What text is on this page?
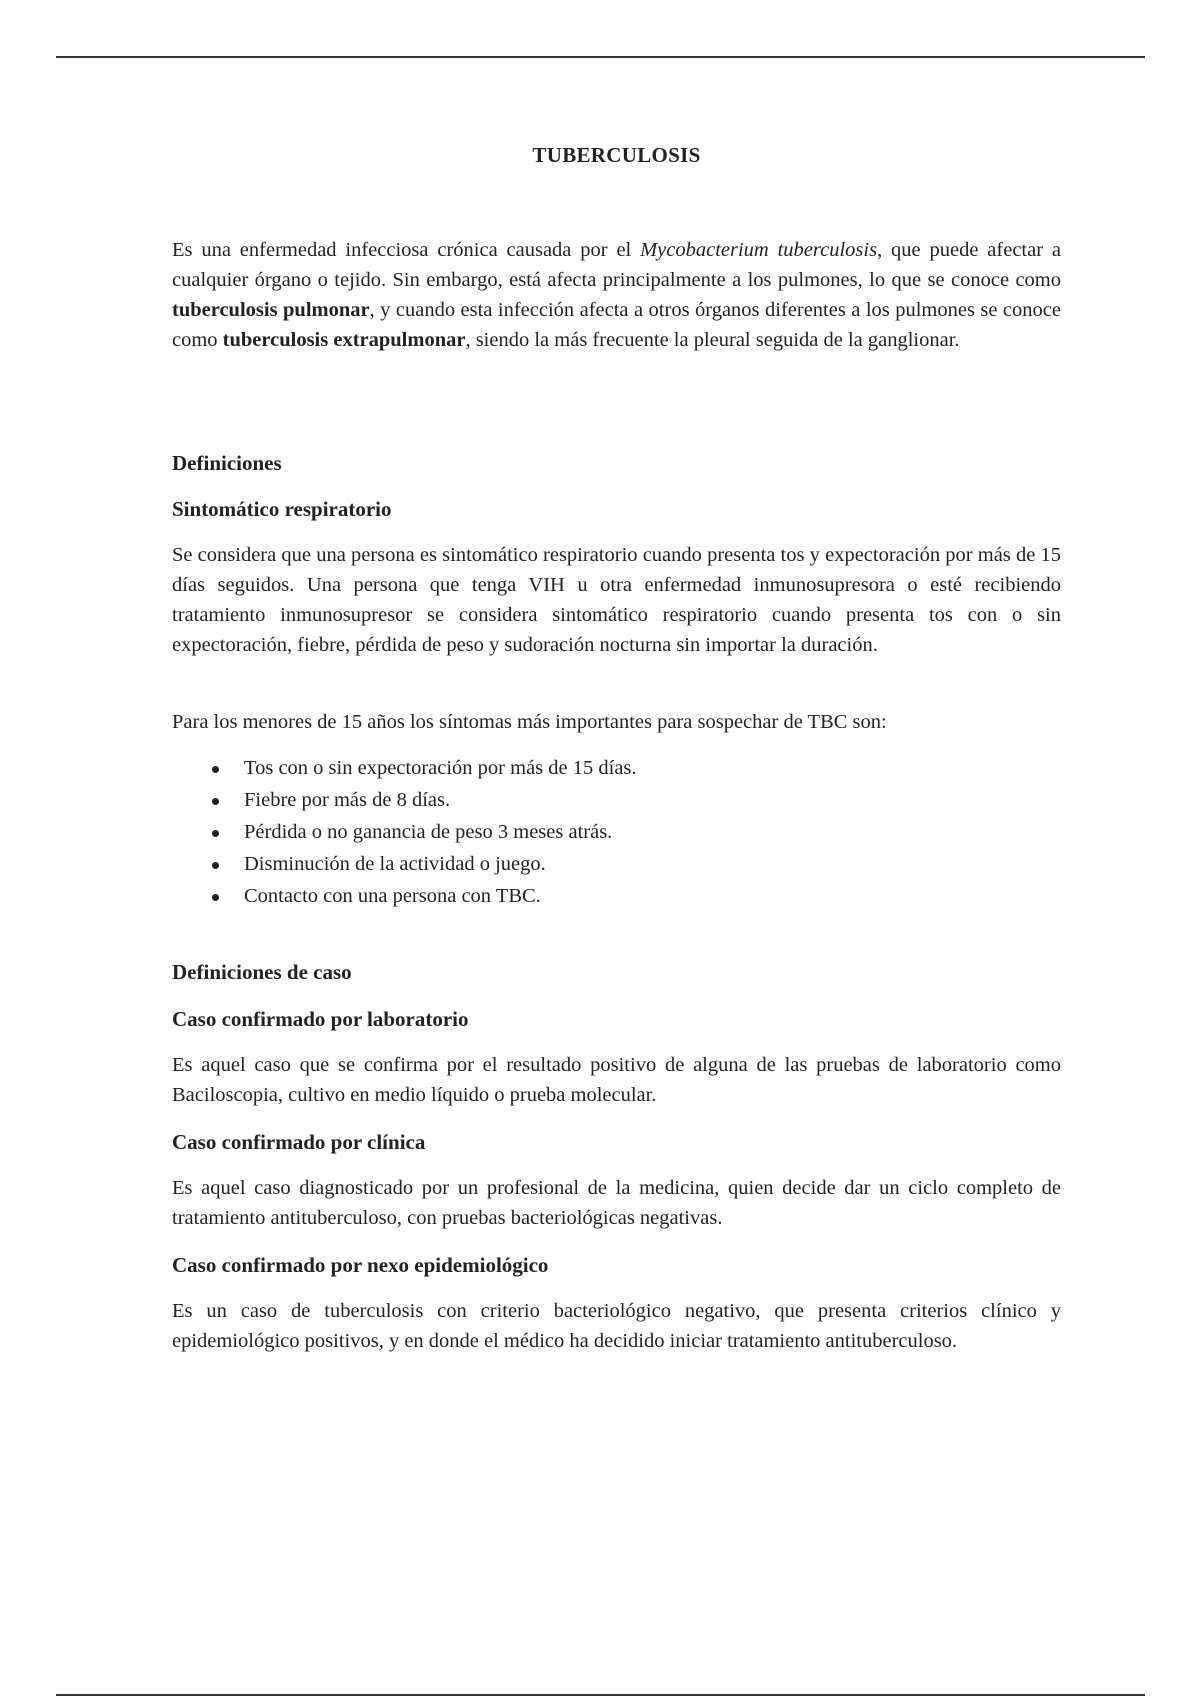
TUBERCULOSIS

Es una enfermedad infecciosa crónica causada por el Mycobacterium tuberculosis, que puede afectar a cualquier órgano o tejido. Sin embargo, está afecta principalmente a los pulmones, lo que se conoce como tuberculosis pulmonar, y cuando esta infección afecta a otros órganos diferentes a los pulmones se conoce como tuberculosis extrapulmonar, siendo la más frecuente la pleural seguida de la ganglionar.

Definiciones
Sintomático respiratorio

Se considera que una persona es sintomático respiratorio cuando presenta tos y expectoración por más de 15 días seguidos. Una persona que tenga VIH u otra enfermedad inmunosupresora o esté recibiendo tratamiento inmunosupresor se considera sintomático respiratorio cuando presenta tos con o sin expectoración, fiebre, pérdida de peso y sudoración nocturna sin importar la duración.

Para los menores de 15 años los síntomas más importantes para sospechar de TBC son:

Tos con o sin expectoración por más de 15 días.
Fiebre por más de 8 días.
Pérdida o no ganancia de peso 3 meses atrás.
Disminución de la actividad o juego.
Contacto con una persona con TBC.
Definiciones de caso
Caso confirmado por laboratorio

Es aquel caso que se confirma por el resultado positivo de alguna de las pruebas de laboratorio como Baciloscopia, cultivo en medio líquido o prueba molecular.

Caso confirmado por clínica

Es aquel caso diagnosticado por un profesional de la medicina, quien decide dar un ciclo completo de tratamiento antituberculoso, con pruebas bacteriológicas negativas.

Caso confirmado por nexo epidemiológico

Es un caso de tuberculosis con criterio bacteriológico negativo, que presenta criterios clínico y epidemiológico positivos, y en donde el médico ha decidido iniciar tratamiento antituberculoso.
